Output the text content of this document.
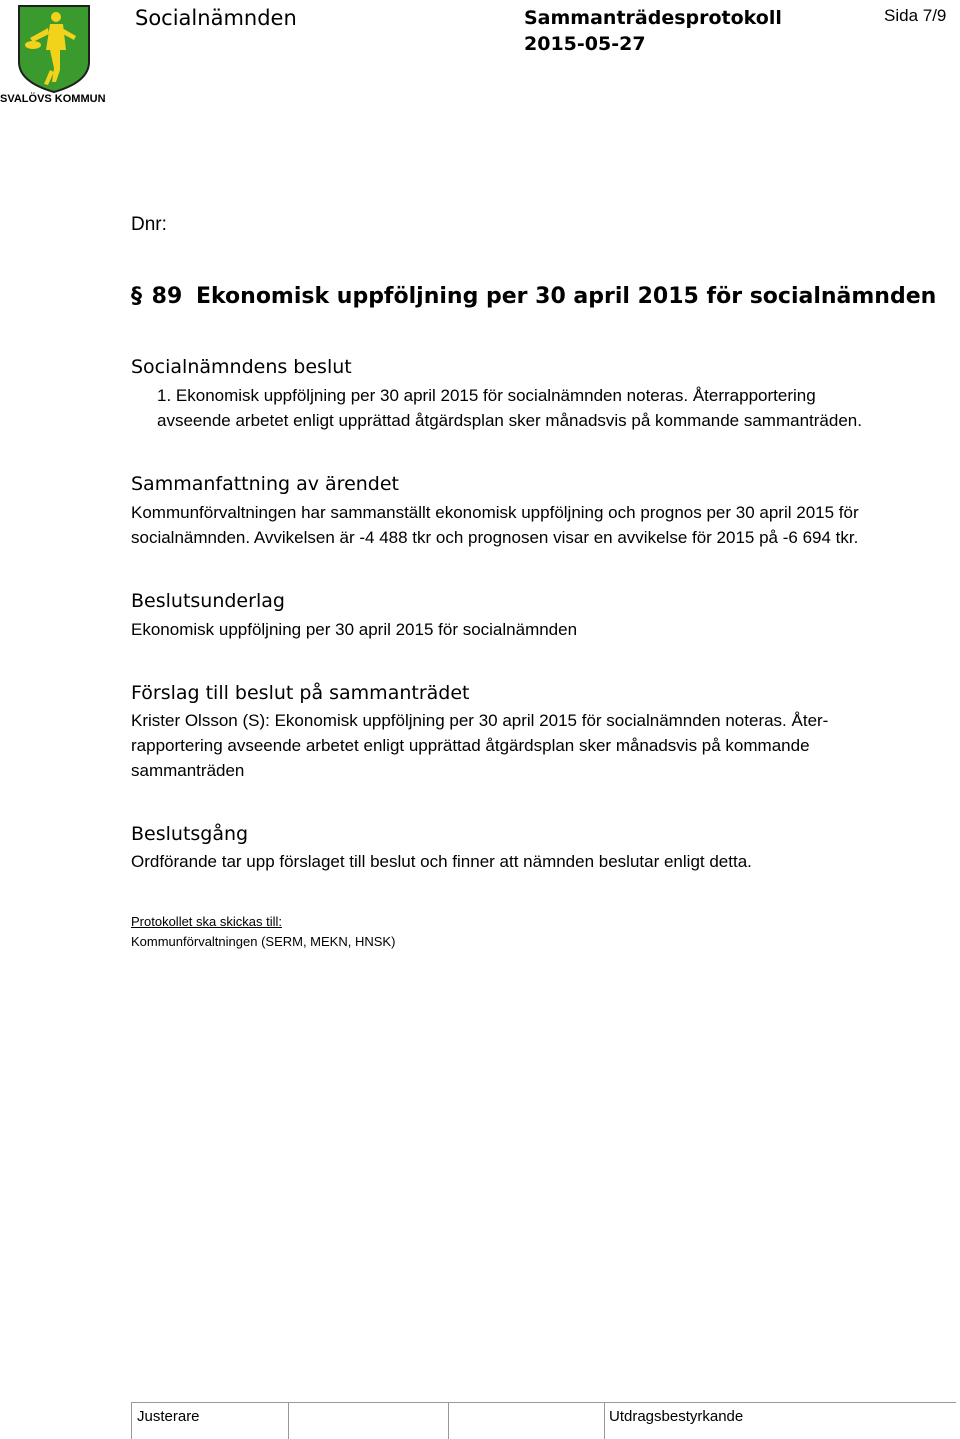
SVALÖVS KOMMUN
Socialnämnden	Sammanträdesprotokoll
2015-05-27
Sida 7/9
Dnr:
§ 89 Ekonomisk uppföljning per 30 april 2015 för socialnämnden
Socialnämndens beslut
1. Ekonomisk uppföljning per 30 april 2015 för socialnämnden noteras. Återrapportering
avseende arbetet enligt upprättad åtgärdsplan sker månadsvis på kommande sammanträden.
Sammanfattning av ärendet
Kommunförvaltningen har sammanställt ekonomisk uppföljning och prognos per 30 april 2015 för
socialnämnden. Avvikelsen är -4 488 tkr och prognosen visar en avvikelse för 2015 på -6 694 tkr.
Beslutsunderlag
Ekonomisk uppföljning per 30 april 2015 för socialnämnden
Förslag till beslut på sammanträdet
Krister Olsson (S): Ekonomisk uppföljning per 30 april 2015 för socialnämnden noteras. Åter-
rapportering avseende arbetet enligt upprättad åtgärdsplan sker månadsvis på kommande
sammanträden
Beslutsgång
Ordförande tar upp förslaget till beslut och finner att nämnden beslutar enligt detta.
Protokollet ska skickas till:
Kommunförvaltningen (SERM, MEKN, HNSK)
Justerare	Utdragsbestyrkande
